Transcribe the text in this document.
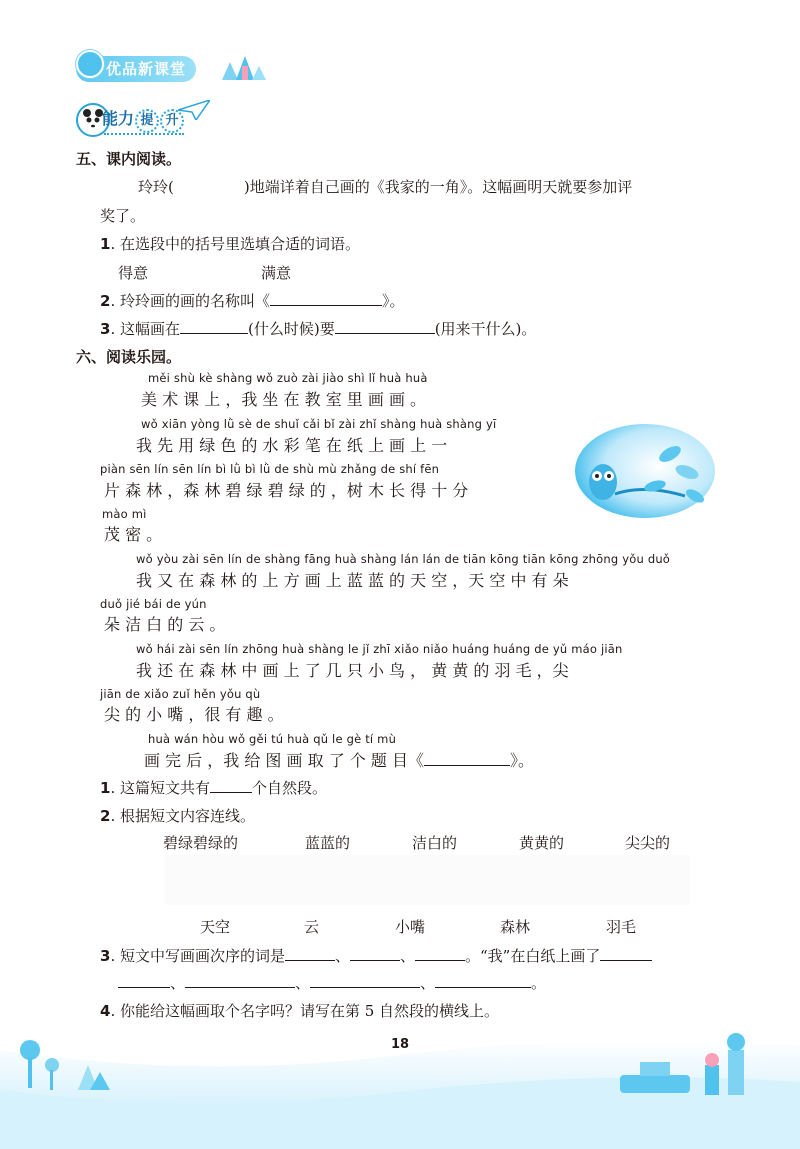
优品新课堂
能力 提 升
五、课内阅读。
玲玲(	)地端详着自己画的《我家的一角》。这幅画明天就要参加评
奖了。
1. 在选段中的括号里选填合适的词语。
得意	满意
2. 玲玲画的画的名称叫《	》。
3. 这幅画在	(什么时候)要	(用来干什么)。
六、阅读乐园。
měi shù kè shàng wǒ zuò zài jiào shì lǐ huà huà
美 术 课 上 ，我 坐 在 教 室 里 画 画 。
wǒ xiān yòng lǜ sè de shuǐ cǎi bǐ zài zhǐ shàng huà shàng yī
我 先 用 绿 色 的 水 彩 笔 在 纸 上 画 上 一
piàn sēn lín sēn lín bì lǜ bì lǜ de shù mù zhǎng de shí fēn
片 森 林 ，森 林 碧 绿 碧 绿 的 ，树 木 长 得 十 分
mào mì
茂 密 。
wǒ yòu zài sēn lín de shàng fāng huà shàng lán lán de tiān kōng tiān kōng zhōng yǒu duǒ
我 又 在 森 林 的 上 方 画 上 蓝 蓝 的 天 空 ，天 空 中 有 朵
duǒ jié bái de yún
朵 洁 白 的 云 。
wǒ hái zài sēn lín zhōng huà shàng le jǐ zhī xiǎo niǎo huáng huáng de yǔ máo jiān
我 还 在 森 林 中 画 上 了 几 只 小 鸟 ， 黄 黄 的 羽 毛 ，尖
jiān de xiǎo zuǐ hěn yǒu qù
尖 的 小 嘴 ，很 有 趣 。
huà wán hòu wǒ gěi tú huà qǔ le gè tí mù
画 完 后 ，我 给 图 画 取 了 个 题 目《	》。
1. 这篇短文共有	个自然段。
2. 根据短文内容连线。
碧绿碧绿的	蓝蓝的	洁白的	黄黄的	尖尖的
天空	云	小嘴	森林	羽毛
3. 短文中写画画次序的词是	、	、	。“我”在白纸上画了
、	、	、	。
4. 你能给这幅画取个名字吗？请写在第 5 自然段的横线上。
18
